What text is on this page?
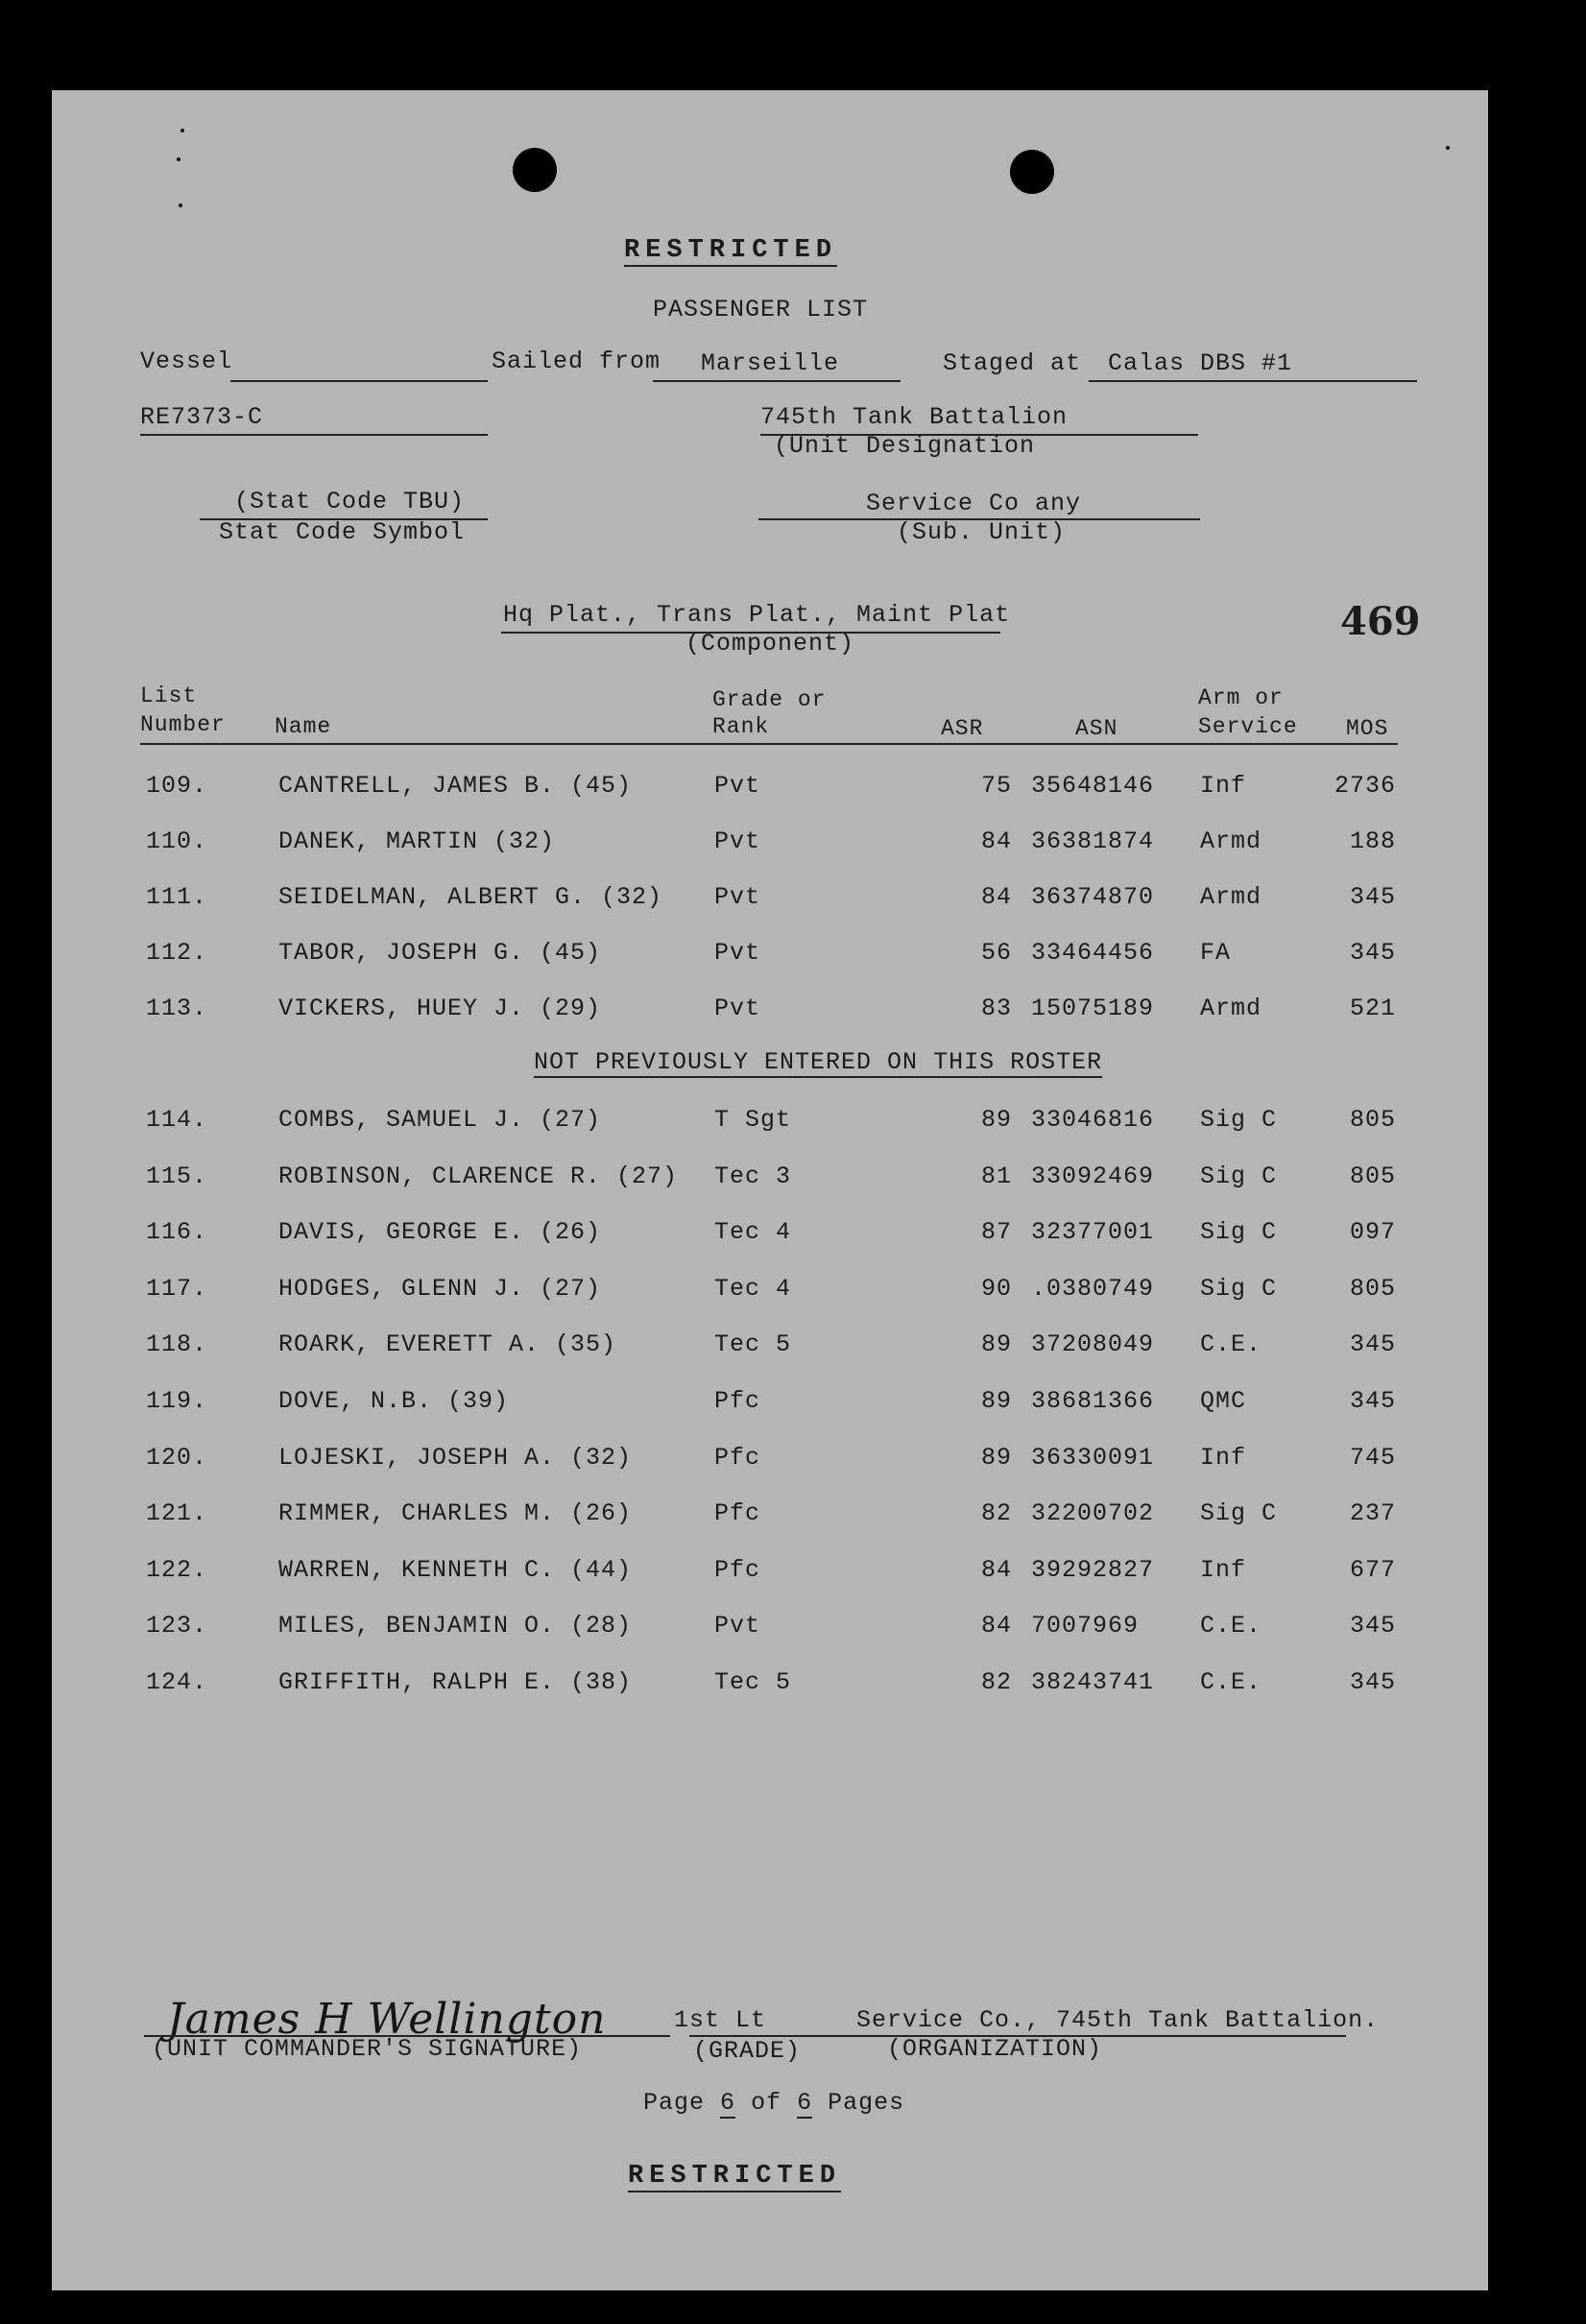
RESTRICTED
PASSENGER LIST
Vessel	Sailed from Marseille	Staged at Calas DBS #1
RE7373-C	745th Tank Battalion
(Unit Designation
(Stat Code TBU)
Stat Code Symbol
Service Co any
(Sub. Unit)
Hq Plat., Trans Plat., Maint Plat
(Component)	469
List
Number Name
Grade or
Rank	ASR	ASN
Arm or
Service MOS
109.	CANTRELL, JAMES B. (45)	Pvt	75 35648146 Inf	2736
110.	DANEK, MARTIN (32)	Pvt	84 36381874 Armd	188
111.	SEIDELMAN, ALBERT G. (32) Pvt	84 36374870 Armd	345
112.	TABOR, JOSEPH G. (45)	Pvt	56 33464456 FA	345
113.	VICKERS, HUEY J. (29)	Pvt	83 15075189 Armd	521
NOT PREVIOUSLY ENTERED ON THIS ROSTER
114.	COMBS, SAMUEL J. (27)	T Sgt	89 33046816 Sig C	805
115.	ROBINSON, CLARENCE R. (27) Tec 3	81 33092469 Sig C	805
116.	DAVIS, GEORGE E. (26)	Tec 4	87 32377001 Sig C	097
117.	HODGES, GLENN J. (27)	Tec 4	90 .0380749 Sig C	805
118.	ROARK, EVERETT A. (35)	Tec 5	89 37208049 C.E.	345
119.	DOVE, N.B. (39)	Pfc	89 38681366 QMC	345
120.	LOJESKI, JOSEPH A. (32)	Pfc	89 36330091 Inf	745
121.	RIMMER, CHARLES M. (26)	Pfc	82 32200702 Sig C	237
122.	WARREN, KENNETH C. (44)	Pfc	84 39292827 Inf	677
123.	MILES, BENJAMIN O. (28)	Pvt	84 7007969	C.E.	345
124.	GRIFFITH, RALPH E. (38)	Tec 5	82 38243741 C.E.	345
James H Wellington
(UNIT COMMANDER'S SIGNATURE)
1st Lt
(GRADE)
Service Co., 745th Tank Battalion.
(ORGANIZATION)
Page 6 of 6 Pages
RESTRICTED
